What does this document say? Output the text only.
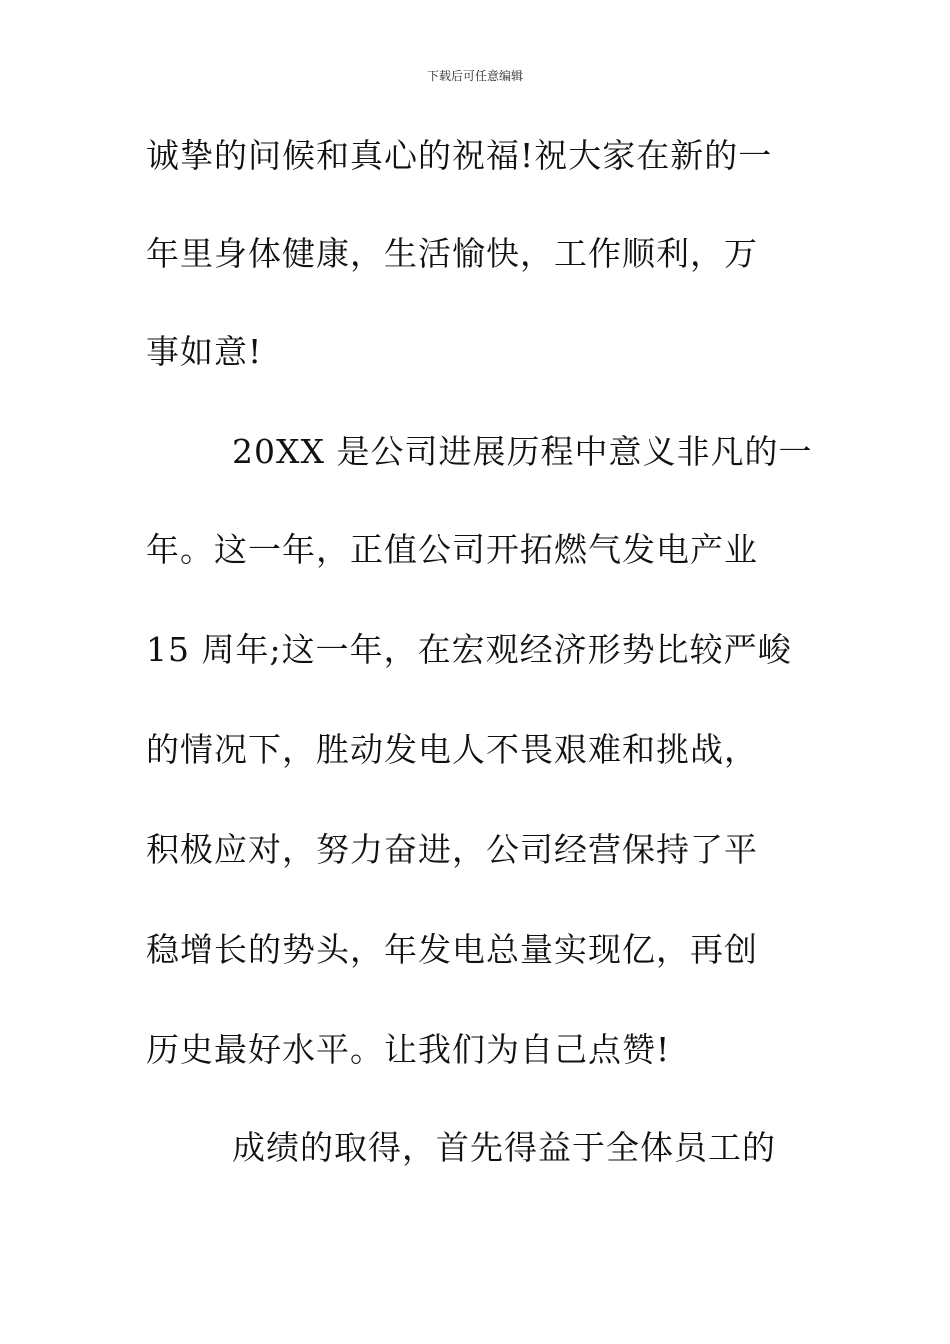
下载后可任意编辑
诚挚的问候和真心的祝福!祝大家在新的一
年里身体健康，生活愉快，工作顺利，万
事如意!
20XX 是公司进展历程中意义非凡的一
年。这一年，正值公司开拓燃气发电产业
15 周年;这一年，在宏观经济形势比较严峻
的情况下，胜动发电人不畏艰难和挑战，
积极应对，努力奋进，公司经营保持了平
稳增长的势头，年发电总量实现亿，再创
历史最好水平。让我们为自己点赞!
成绩的取得，首先得益于全体员工的
